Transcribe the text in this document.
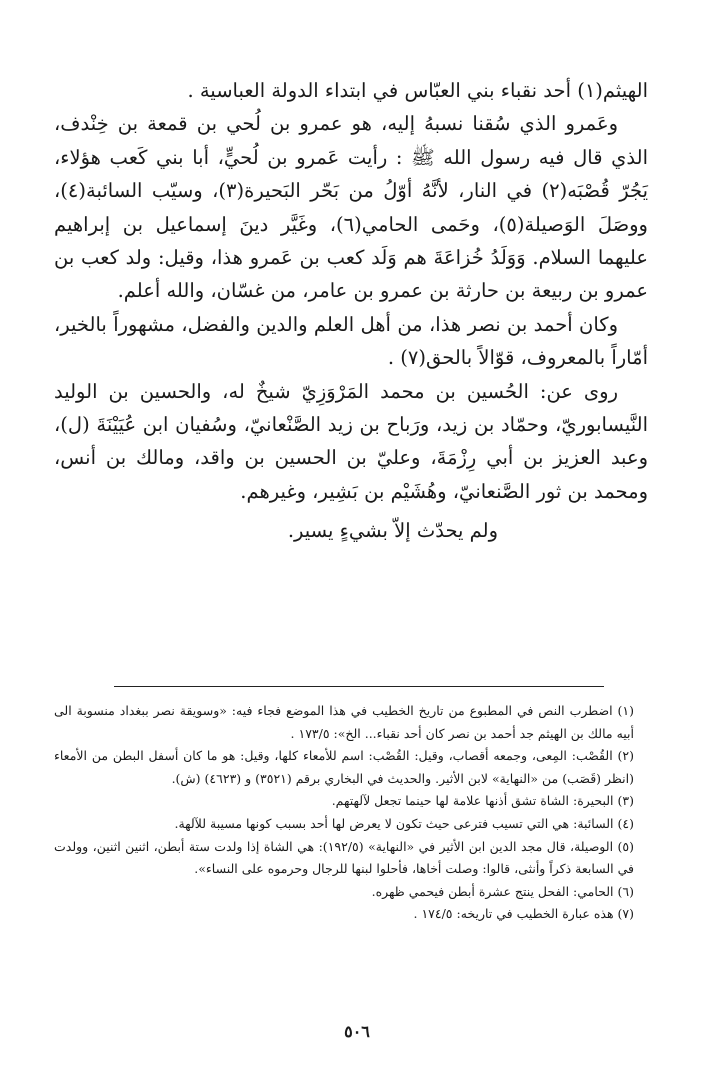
الهيثم(١) أحد نقباء بني العبّاس في ابتداء الدولة العباسية .

وعَمرو الذي سُقنا نسبهُ إليه، هو عمرو بن لُحي بن قمعة بن خِنْدف، الذي قال فيه رسول الله ﷺ : رأيت عَمرو بن لُحيٍّ، أبا بني كَعب هؤلاء، يَجُرّ قُصْبَه(٢) في النار، لأنَّهُ أوّلُ من بَحّر البَحيرة(٣)، وسيّب السائبة(٤)، ووصَلَ الوَصيلة(٥)، وحَمى الحامي(٦)، وغَيَّر دينَ إسماعيل بن إبراهيم عليهما السلام. وَوَلَدُ خُزاعَةَ هم وَلَد كعب بن عَمرو هذا، وقيل: ولد كعب بن عمرو بن ربيعة بن حارثة بن عمرو بن عامر، من غسّان، والله أعلم.

وكان أحمد بن نصر هذا، من أهل العلم والدين والفضل، مشهوراً بالخير، أمّاراً بالمعروف، قوّالاً بالحق(٧) .

روى عن: الحُسين بن محمد المَرْوَزِيّ شيخٌ له، والحسين بن الوليد النَّيسابوريّ، وحمّاد بن زيد، ورَباح بن زيد الصَّنْعانيّ، وسُفيان ابن عُيَيْنَةَ (ل)، وعبد العزيز بن أبي رِزْمَةَ، وعليّ بن الحسين بن واقد، ومالك بن أنس، ومحمد بن ثور الصَّنعانيّ، وهُشَيْم بن بَشِير، وغيرهم.

ولم يحدّث إلاّ بشيءٍ يسير.

(١) اضطرب النص في المطبوع من تاريخ الخطيب في هذا الموضع فجاء فيه: «وسويقة نصر ببغداد منسوبة الى أبيه مالك بن الهيثم جد أحمد بن نصر كان أحد نقباء... الخ»: ١٧٣/٥ .

(٢) القُصْب: المِعى، وجمعه أقصاب، وقيل: القُصْب: اسم للأمعاء كلها، وقيل: هو ما كان أسفل البطن من الأمعاء (انظر (قَصَب) من «النهاية» لابن الأثير. والحديث في البخاري برقم (٣٥٢١) و (٤٦٢٣) (ش).

(٣) البحيرة: الشاة تشق أذنها علامة لها حينما تجعل لآلهتهم.

(٤) السائبة: هي التي تسيب فترعى حيث تكون لا يعرض لها أحد بسبب كونها مسيبة للآلهة.

(٥) الوصيلة، قال مجد الدين ابن الأثير في «النهاية» (١٩٢/٥): هي الشاة إذا ولدت ستة أبطن، اثنين اثنين، وولدت في السابعة ذكراً وأنثى، قالوا: وصلت أخاها، فأحلوا لبنها للرجال وحرموه على النساء».

(٦) الحامي: الفحل ينتج عشرة أبطن فيحمي ظهره.

(٧) هذه عبارة الخطيب في تاريخه: ١٧٤/٥ .

٥٠٦
